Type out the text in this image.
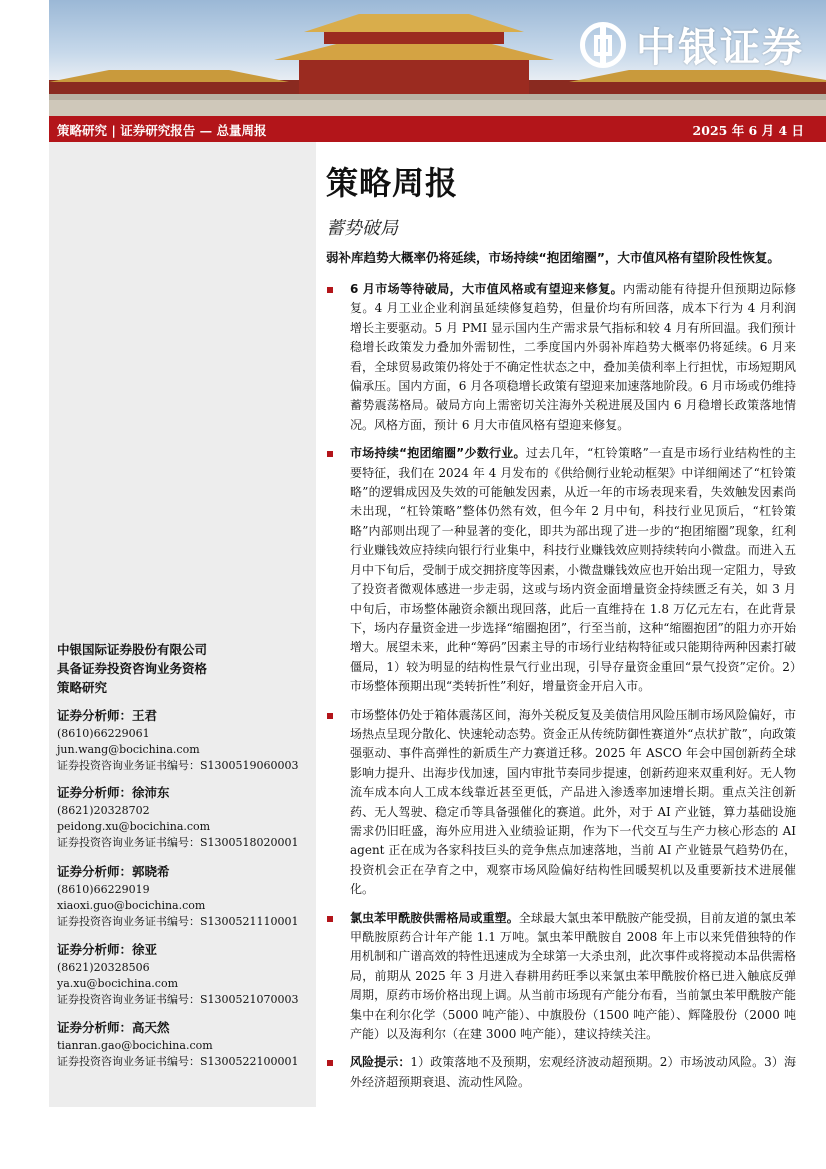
中银证券
策略研究 | 证券研究报告 — 总量周报	2025 年 6 月 4 日
中银国际证券股份有限公司
具备证券投资咨询业务资格
策略研究
证券分析师：王君
(8610)66229061
jun.wang@bocichina.com
证券投资咨询业务证书编号：S1300519060003
证券分析师：徐沛东
(8621)20328702
peidong.xu@bocichina.com
证券投资咨询业务证书编号：S1300518020001
证券分析师：郭晓希
(8610)66229019
xiaoxi.guo@bocichina.com
证券投资咨询业务证书编号：S1300521110001
证券分析师：徐亚
(8621)20328506
ya.xu@bocichina.com
证券投资咨询业务证书编号：S1300521070003
证券分析师：高天然
tianran.gao@bocichina.com
证券投资咨询业务证书编号：S1300522100001
策略周报
蓄势破局
弱补库趋势大概率仍将延续，市场持续“抱团缩圈”，大市值风格有望阶段性恢复。
6 月市场等待破局，大市值风格或有望迎来修复。内需动能有待提升但预期边际修复。4 月工业企业利润虽延续修复趋势，但量价均有所回落，成本下行为 4 月利润增长主要驱动。5 月 PMI 显示国内生产需求景气指标和较 4 月有所回温。我们预计稳增长政策发力叠加外需韧性，二季度国内外弱补库趋势大概率仍将延续。6 月来看，全球贸易政策仍将处于不确定性状态之中，叠加美债利率上行担忧，市场短期风偏承压。国内方面，6 月各项稳增长政策有望迎来加速落地阶段。6 月市场或仍维持蓄势震荡格局。破局方向上需密切关注海外关税进展及国内 6 月稳增长政策落地情况。风格方面，预计 6 月大市值风格有望迎来修复。
市场持续“抱团缩圈”少数行业。过去几年，“杠铃策略”一直是市场行业结构性的主要特征，我们在 2024 年 4 月发布的《供给侧行业轮动框架》中详细阐述了“杠铃策略”的逻辑成因及失效的可能触发因素，从近一年的市场表现来看，失效触发因素尚未出现，“杠铃策略”整体仍然有效，但今年 2 月中旬，科技行业见顶后，“杠铃策略”内部则出现了一种显著的变化，即共为部出现了进一步的“抱团缩圈”现象，红利行业赚钱效应持续向银行行业集中，科技行业赚钱效应则持续转向小微盘。而进入五月中下旬后，受制于成交拥挤度等因素，小微盘赚钱效应也开始出现一定阻力，导致了投资者微观体感进一步走弱，这或与场内资金面增量资金持续匮乏有关，如 3 月中旬后，市场整体融资余额出现回落，此后一直维持在 1.8 万亿元左右，在此背景下，场内存量资金进一步选择“缩圈抱团”，行至当前，这种“缩圈抱团”的阻力亦开始增大。展望未来，此种“筹码”因素主导的市场行业结构特征或只能期待两种因素打破僵局，1）较为明显的结构性景气行业出现，引导存量资金重回“景气投资”定价。2）市场整体预期出现“类转折性”利好，增量资金开启入市。
市场整体仍处于箱体震荡区间，海外关税反复及美债信用风险压制市场风险偏好，市场热点呈现分散化、快速轮动态势。资金正从传统防御性赛道外“点状扩散”，向政策强驱动、事件高弹性的新质生产力赛道迁移。2025 年 ASCO 年会中国创新药全球影响力提升、出海步伐加速，国内审批节奏同步提速，创新药迎来双重利好。无人物流车成本向人工成本线靠近甚至更低，产品进入渗透率加速增长期。重点关注创新药、无人驾驶、稳定币等具备强催化的赛道。此外，对于 AI 产业链，算力基础设施需求仍旧旺盛，海外应用进入业绩验证期，作为下一代交互与生产力核心形态的 AI agent 正在成为各家科技巨头的竞争焦点加速落地，当前 AI 产业链景气趋势仍在，投资机会正在孕育之中，观察市场风险偏好结构性回暖契机以及重要新技术进展催化。
氯虫苯甲酰胺供需格局或重塑。全球最大氯虫苯甲酰胺产能受损，目前友道的氯虫苯甲酰胺原药合计年产能 1.1 万吨。氯虫苯甲酰胺自 2008 年上市以来凭借独特的作用机制和广谱高效的特性迅速成为全球第一大杀虫剂，此次事件或将搅动本品供需格局，前期从 2025 年 3 月进入春耕用药旺季以来氯虫苯甲酰胺价格已进入触底反弹周期，原药市场价格出现上调。从当前市场现有产能分布看，当前氯虫苯甲酰胺产能集中在利尔化学（5000 吨产能）、中旗股份（1500 吨产能）、辉隆股份（2000 吨产能）以及海利尔（在建 3000 吨产能），建议持续关注。
风险提示：1）政策落地不及预期，宏观经济波动超预期。2）市场波动风险。3）海外经济超预期衰退、流动性风险。
